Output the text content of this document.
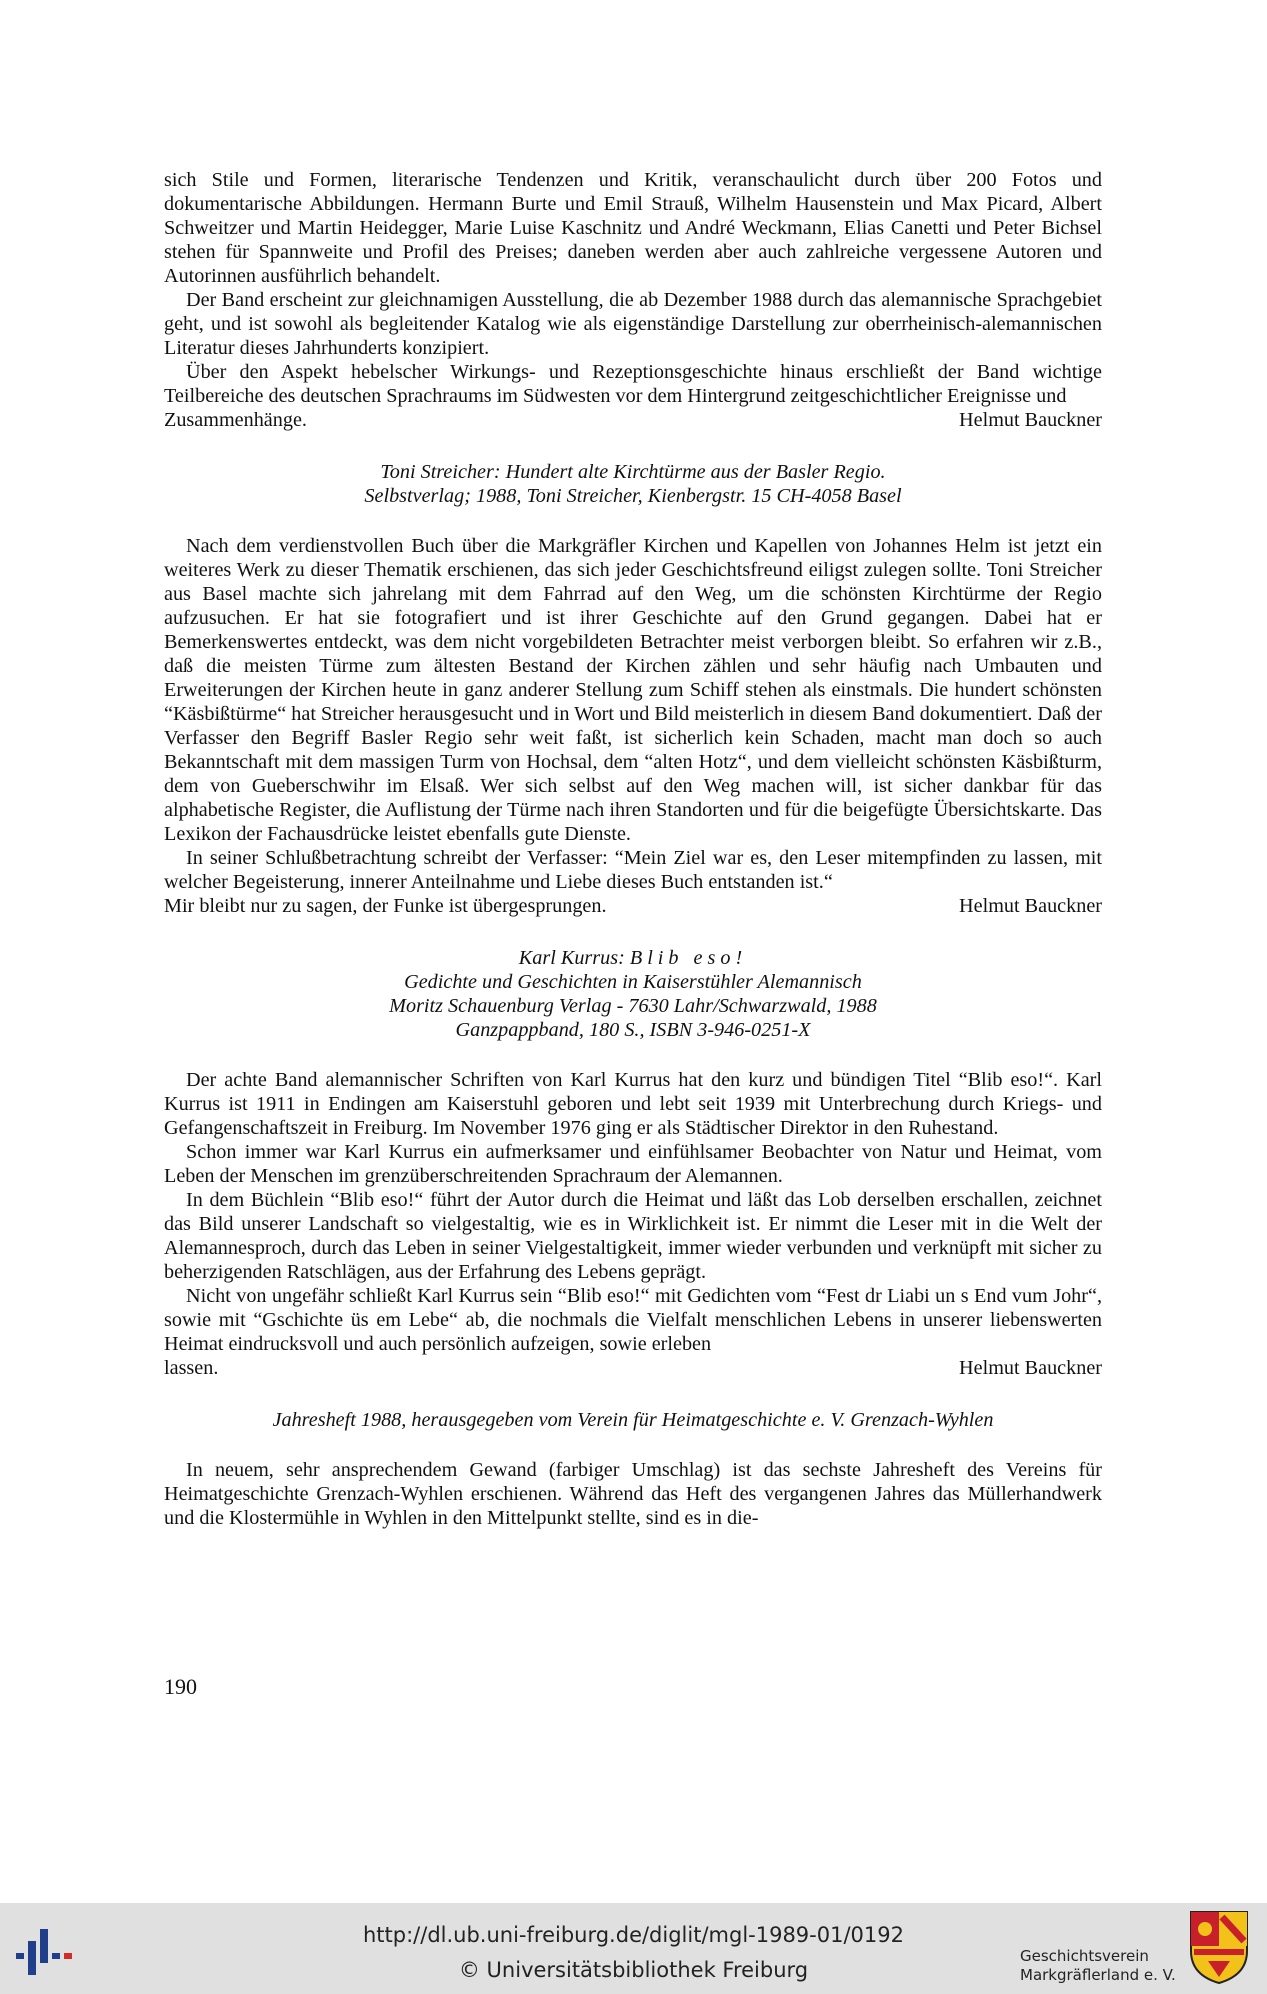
sich Stile und Formen, literarische Tendenzen und Kritik, veranschaulicht durch über 200 Fotos und dokumentarische Abbildungen. Hermann Burte und Emil Strauß, Wilhelm Hausenstein und Max Picard, Albert Schweitzer und Martin Heidegger, Marie Luise Kaschnitz und André Weckmann, Elias Canetti und Peter Bichsel stehen für Spannweite und Profil des Preises; daneben werden aber auch zahlreiche vergessene Autoren und Autorinnen ausführlich behandelt.

Der Band erscheint zur gleichnamigen Ausstellung, die ab Dezember 1988 durch das alemannische Sprachgebiet geht, und ist sowohl als begleitender Katalog wie als eigenständige Darstellung zur oberrheinisch-alemannischen Literatur dieses Jahrhunderts konzipiert.

Über den Aspekt hebelscher Wirkungs- und Rezeptionsgeschichte hinaus erschließt der Band wichtige Teilbereiche des deutschen Sprachraums im Südwesten vor dem Hintergrund zeitgeschichtlicher Ereignisse und

Zusammenhänge.	Helmut Bauckner

Toni Streicher: Hundert alte Kirchtürme aus der Basler Regio.

Selbstverlag; 1988, Toni Streicher, Kienbergstr. 15 CH-4058 Basel

Nach dem verdienstvollen Buch über die Markgräfler Kirchen und Kapellen von Johannes Helm ist jetzt ein weiteres Werk zu dieser Thematik erschienen, das sich jeder Geschichtsfreund eiligst zulegen sollte. Toni Streicher aus Basel machte sich jahrelang mit dem Fahrrad auf den Weg, um die schönsten Kirchtürme der Regio aufzusuchen. Er hat sie fotografiert und ist ihrer Geschichte auf den Grund gegangen. Dabei hat er Bemerkenswertes entdeckt, was dem nicht vorgebildeten Betrachter meist verborgen bleibt. So erfahren wir z.B., daß die meisten Türme zum ältesten Bestand der Kirchen zählen und sehr häufig nach Umbauten und Erweiterungen der Kirchen heute in ganz anderer Stellung zum Schiff stehen als einstmals. Die hundert schönsten “Käsbißtürme“ hat Streicher herausgesucht und in Wort und Bild meisterlich in diesem Band dokumentiert. Daß der Verfasser den Begriff Basler Regio sehr weit faßt, ist sicherlich kein Schaden, macht man doch so auch Bekanntschaft mit dem massigen Turm von Hochsal, dem “alten Hotz“, und dem vielleicht schönsten Käsbißturm, dem von Gueberschwihr im Elsaß. Wer sich selbst auf den Weg machen will, ist sicher dankbar für das alphabetische Register, die Auflistung der Türme nach ihren Standorten und für die beigefügte Übersichtskarte. Das Lexikon der Fachausdrücke leistet ebenfalls gute Dienste.

In seiner Schlußbetrachtung schreibt der Verfasser: “Mein Ziel war es, den Leser mitempfinden zu lassen, mit welcher Begeisterung, innerer Anteilnahme und Liebe dieses Buch entstanden ist.“

Mir bleibt nur zu sagen, der Funke ist übergesprungen.	Helmut Bauckner

Karl Kurrus: Blib eso!

Gedichte und Geschichten in Kaiserstühler Alemannisch

Moritz Schauenburg Verlag - 7630 Lahr/Schwarzwald, 1988

Ganzpappband, 180 S., ISBN 3-946-0251-X

Der achte Band alemannischer Schriften von Karl Kurrus hat den kurz und bündigen Titel “Blib eso!“. Karl Kurrus ist 1911 in Endingen am Kaiserstuhl geboren und lebt seit 1939 mit Unterbrechung durch Kriegs- und Gefangenschaftszeit in Freiburg. Im November 1976 ging er als Städtischer Direktor in den Ruhestand.

Schon immer war Karl Kurrus ein aufmerksamer und einfühlsamer Beobachter von Natur und Heimat, vom Leben der Menschen im grenzüberschreitenden Sprachraum der Alemannen.

In dem Büchlein “Blib eso!“ führt der Autor durch die Heimat und läßt das Lob derselben erschallen, zeichnet das Bild unserer Landschaft so vielgestaltig, wie es in Wirklichkeit ist. Er nimmt die Leser mit in die Welt der Alemannesproch, durch das Leben in seiner Vielgestaltigkeit, immer wieder verbunden und verknüpft mit sicher zu beherzigenden Ratschlägen, aus der Erfahrung des Lebens geprägt.

Nicht von ungefähr schließt Karl Kurrus sein “Blib eso!“ mit Gedichten vom “Fest dr Liabi un s End vum Johr“, sowie mit “Gschichte üs em Lebe“ ab, die nochmals die Vielfalt menschlichen Lebens in unserer liebenswerten Heimat eindrucksvoll und auch persönlich aufzeigen, sowie erleben

lassen.	Helmut Bauckner

Jahresheft 1988, herausgegeben vom Verein für Heimatgeschichte e. V. Grenzach-Wyhlen

In neuem, sehr ansprechendem Gewand (farbiger Umschlag) ist das sechste Jahresheft des Vereins für Heimatgeschichte Grenzach-Wyhlen erschienen. Während das Heft des vergangenen Jahres das Müllerhandwerk und die Klostermühle in Wyhlen in den Mittelpunkt stellte, sind es in die-

190
http://dl.ub.uni-freiburg.de/diglit/mgl-1989-01/0192
© Universitätsbibliothek Freiburg
Geschichtsverein
Markgräflerland e. V.
